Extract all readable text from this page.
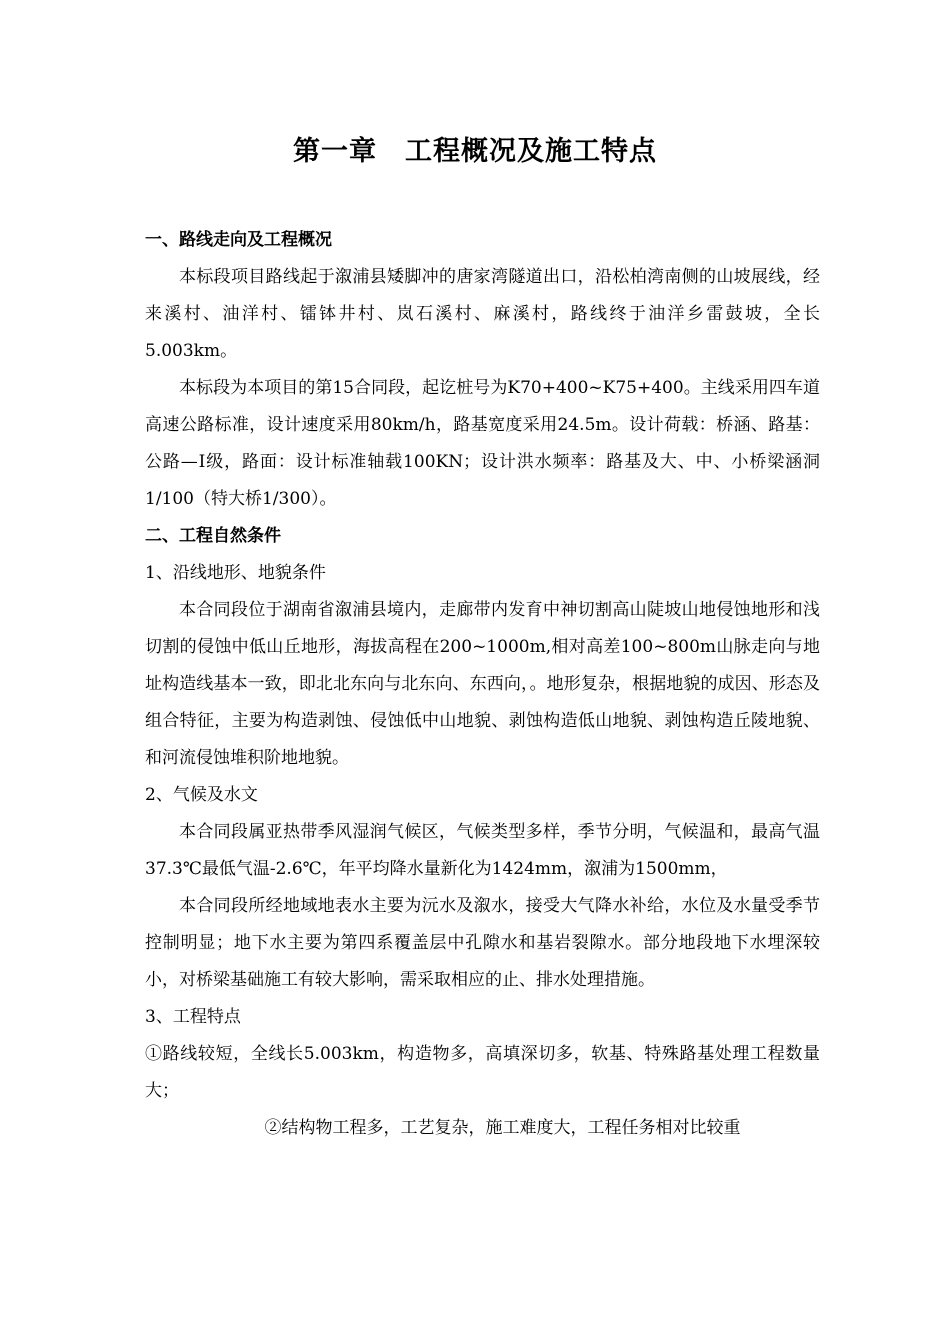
第一章　工程概况及施工特点

一、路线走向及工程概况

本标段项目路线起于溆浦县矮脚冲的唐家湾隧道出口，沿松柏湾南侧的山坡展线，经来溪村、油洋村、镭钵井村、岚石溪村、麻溪村，路线终于油洋乡雷鼓坡，全长5.003km。

本标段为本项目的第15合同段，起讫桩号为K70+400~K75+400。主线采用四车道高速公路标准，设计速度采用80km/h，路基宽度采用24.5m。设计荷载：桥涵、路基：公路—Ⅰ级，路面：设计标准轴载100KN；设计洪水频率：路基及大、中、小桥梁涵洞1/100（特大桥1/300）。

二、工程自然条件

1、沿线地形、地貌条件

本合同段位于湖南省溆浦县境内，走廊带内发育中神切割高山陡坡山地侵蚀地形和浅切割的侵蚀中低山丘地形，海拔高程在200~1000m,相对高差100~800m山脉走向与地址构造线基本一致，即北北东向与北东向、东西向，。地形复杂，根据地貌的成因、形态及组合特征，主要为构造剥蚀、侵蚀低中山地貌、剥蚀构造低山地貌、剥蚀构造丘陵地貌、和河流侵蚀堆积阶地地貌。

2、气候及水文

本合同段属亚热带季风湿润气候区，气候类型多样，季节分明，气候温和，最高气温37.3℃最低气温-2.6℃，年平均降水量新化为1424mm，溆浦为1500mm，

本合同段所经地域地表水主要为沅水及溆水，接受大气降水补给，水位及水量受季节控制明显；地下水主要为第四系覆盖层中孔隙水和基岩裂隙水。部分地段地下水埋深较小，对桥梁基础施工有较大影响，需采取相应的止、排水处理措施。

3、工程特点

①路线较短，全线长5.003km，构造物多，高填深切多，软基、特殊路基处理工程数量大；

②结构物工程多，工艺复杂，施工难度大，工程任务相对比较重
